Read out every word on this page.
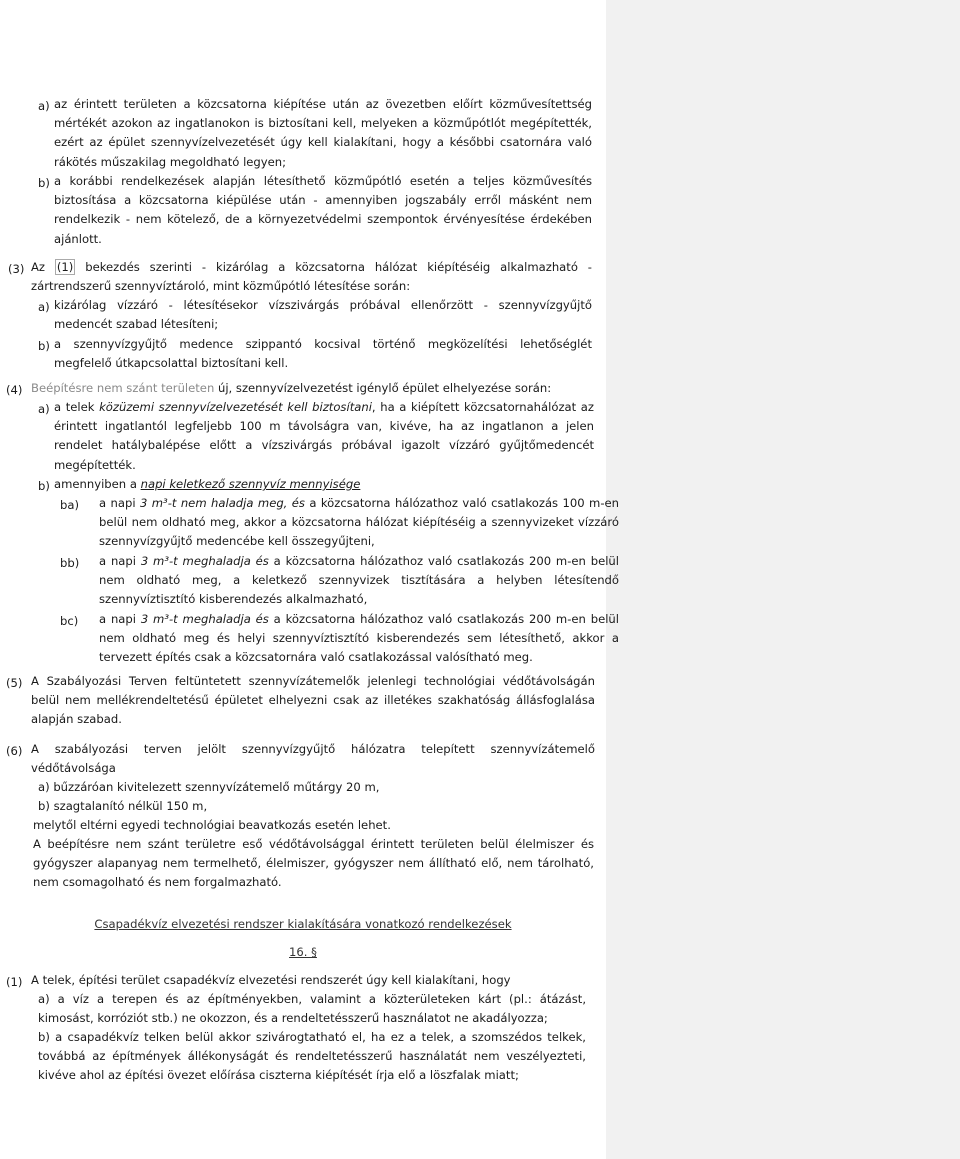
a) az érintett területen a közcsatorna kiépítése után az övezetben előírt közművesítettség mértékét azokon az ingatlanokon is biztosítani kell, melyeken a közműpótlót megépítették, ezért az épület szennyvízelvezetését úgy kell kialakítani, hogy a későbbi csatornára való rákötés műszakilag megoldható legyen;
b) a korábbi rendelkezések alapján létesíthető közműpótló esetén a teljes közművesítés biztosítása a közcsatorna kiépülése után - amennyiben jogszabály erről másként nem rendelkezik - nem kötelező, de a környezetvédelmi szempontok érvényesítése érdekében ajánlott.
(3) Az (1) bekezdés szerinti - kizárólag a közcsatorna hálózat kiépítéséig alkalmazható - zártrendszerű szennyvíztároló, mint közműpótló létesítése során:
a) kizárólag vízzáró - létesítésekor vízszivárgás próbával ellenőrzött - szennyvízgyűjtő medencét szabad létesíteni;
b) a szennyvízgyűjtő medence szippantó kocsival történő megközelítési lehetőséglét megfelelő útkapcsolattal biztosítani kell.
(4) Beépítésre nem szánt területen új, szennyvízelvezetést igénylő épület elhelyezése során:
a) a telek közüzemi szennyvízelvezetését kell biztosítani, ha a kiépített közcsatornahálózat az érintett ingatlantól legfeljebb 100 m távolságra van, kivéve, ha az ingatlanon a jelen rendelet hatálybalépése előtt a vízszivárgás próbával igazolt vízzáró gyűjtőmedencét megépítették.
b) amennyiben a napi keletkező szennyvíz mennyisége
ba) a napi 3 m³-t nem haladja meg, és a közcsatorna hálózathoz való csatlakozás 100 m-en belül nem oldható meg, akkor a közcsatorna hálózat kiépítéséig a szennyvizeket vízzáró szennyvízgyűjtő medencébe kell összegyűjteni,
bb) a napi 3 m³-t meghaladja és a közcsatorna hálózathoz való csatlakozás 200 m-en belül nem oldható meg, a keletkező szennyvizek tisztítására a helyben létesítendő szennyvíztisztító kisberendezés alkalmazható,
bc) a napi 3 m³-t meghaladja és a közcsatorna hálózathoz való csatlakozás 200 m-en belül nem oldható meg és helyi szennyvíztisztító kisberendezés sem létesíthető, akkor a tervezett építés csak a közcsatornára való csatlakozással valósítható meg.
(5) A Szabályozási Terven feltüntetett szennyvízátemelők jelenlegi technológiai védőtávolságán belül nem mellékrendeltetésű épületet elhelyezni csak az illetékes szakhatóság állásfoglalása alapján szabad.
(6) A szabályozási terven jelölt szennyvízgyűjtő hálózatra telepített szennyvízátemelő védőtávolsága
a) bűzzáróan kivitelezett szennyvízátemelő műtárgy 20 m,
b) szagtalanító nélkül 150 m,
melytől eltérni egyedi technológiai beavatkozás esetén lehet.
A beépítésre nem szánt területre eső védőtávolsággal érintett területen belül élelmiszer és gyógyszer alapanyag nem termelhető, élelmiszer, gyógyszer nem állítható elő, nem tárolható, nem csomagolható és nem forgalmazható.
Csapadékvíz elvezetési rendszer kialakítására vonatkozó rendelkezések
16. §
(1) A telek, építési terület csapadékvíz elvezetési rendszerét úgy kell kialakítani, hogy
a) a víz a terepen és az építményekben, valamint a közterületeken kárt (pl.: átázást, kimosást, korróziót stb.) ne okozzon, és a rendeltetésszerű használatot ne akadályozza;
b) a csapadékvíz telken belül akkor szivárogtatható el, ha ez a telek, a szomszédos telkek, továbbá az építmények állékonyságát és rendeltetésszerű használatát nem veszélyezteti, kivéve ahol az építési övezet előírása ciszterna kiépítését írja elő a löszfalak miatt;
